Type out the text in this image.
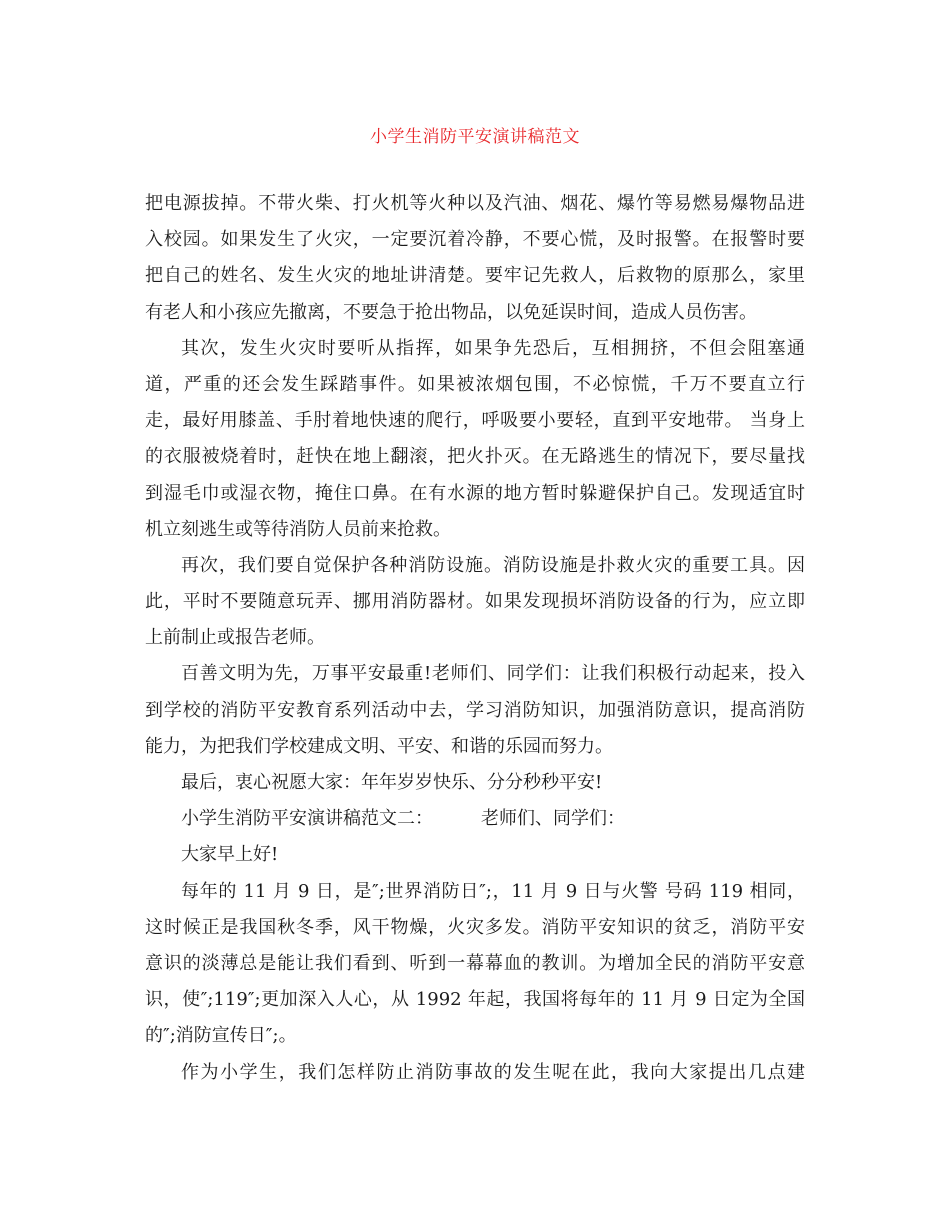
小学生消防平安演讲稿范文
把电源拔掉。不带火柴、打火机等火种以及汽油、烟花、爆竹等易燃易爆物品进
入校园。如果发生了火灾，一定要沉着冷静，不要心慌，及时报警。在报警时要
把自己的姓名、发生火灾的地址讲清楚。要牢记先救人，后救物的原那么，家里
有老人和小孩应先撤离，不要急于抢出物品，以免延误时间，造成人员伤害。
其次，发生火灾时要听从指挥，如果争先恐后，互相拥挤，不但会阻塞通
道，严重的还会发生踩踏事件。如果被浓烟包围，不必惊慌，千万不要直立行
走，最好用膝盖、手肘着地快速的爬行，呼吸要小要轻，直到平安地带。 当身上
的衣服被烧着时，赶快在地上翻滚，把火扑灭。在无路逃生的情况下，要尽量找
到湿毛巾或湿衣物，掩住口鼻。在有水源的地方暂时躲避保护自己。发现适宜时
机立刻逃生或等待消防人员前来抢救。
再次，我们要自觉保护各种消防设施。消防设施是扑救火灾的重要工具。因
此，平时不要随意玩弄、挪用消防器材。如果发现损坏消防设备的行为，应立即
上前制止或报告老师。
百善文明为先，万事平安最重!老师们、同学们：让我们积极行动起来，投入
到学校的消防平安教育系列活动中去，学习消防知识，加强消防意识，提高消防
能力，为把我们学校建成文明、平安、和谐的乐园而努力。
最后，衷心祝愿大家：年年岁岁快乐、分分秒秒平安!
小学生消防平安演讲稿范文二：	老师们、同学们：
大家早上好!
每年的 11 月 9 日，是″;世界消防日″;，11 月 9 日与火警 号码 119 相同，
这时候正是我国秋冬季，风干物燥，火灾多发。消防平安知识的贫乏，消防平安
意识的淡薄总是能让我们看到、听到一幕幕血的教训。为增加全民的消防平安意
识，使″;119″;更加深入人心，从 1992 年起，我国将每年的 11 月 9 日定为全国
的″;消防宣传日″;。
作为小学生，我们怎样防止消防事故的发生呢在此，我向大家提出几点建
